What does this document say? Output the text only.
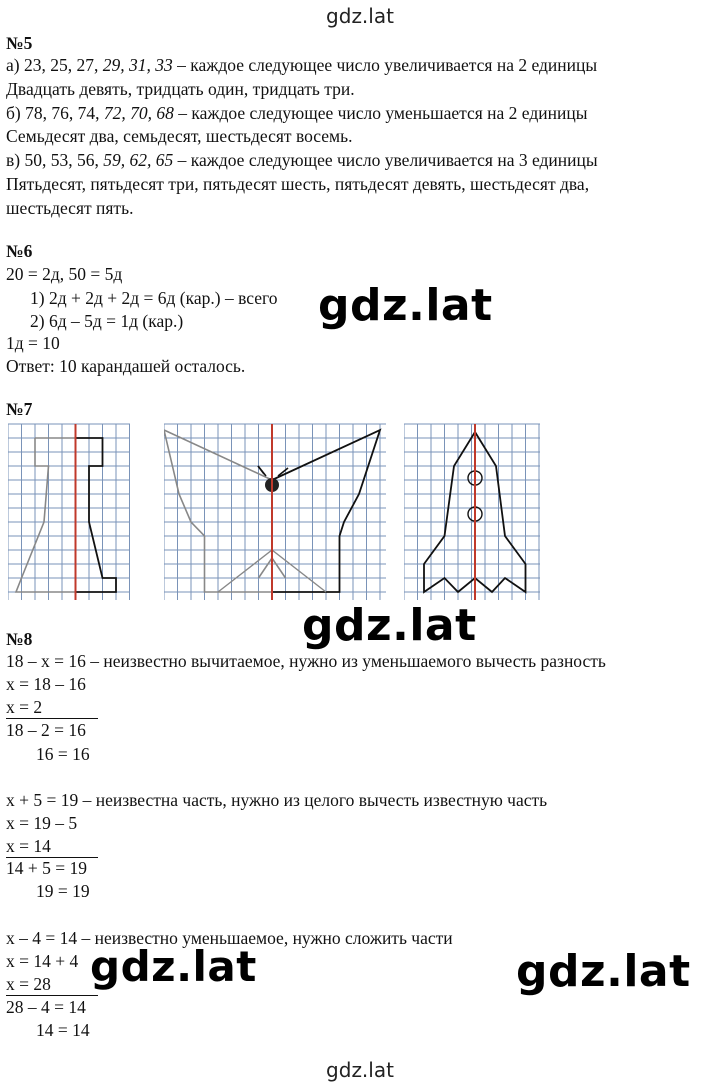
gdz.lat
№5
а) 23, 25, 27, 29, 31, 33 – каждое следующее число увеличивается на 2 единицы
Двадцать девять, тридцать один, тридцать три.
б) 78, 76, 74, 72, 70, 68 – каждое следующее число уменьшается на 2 единицы
Семьдесят два, семьдесят, шестьдесят восемь.
в) 50, 53, 56, 59, 62, 65 – каждое следующее число увеличивается на 3 единицы
Пятьдесят, пятьдесят три, пятьдесят шесть, пятьдесят девять, шестьдесят два,
шестьдесят пять.
№6
20 = 2д, 50 = 5д
1) 2д + 2д + 2д = 6д (кар.) – всего
2) 6д – 5д = 1д (кар.)
1д = 10
Ответ: 10 карандашей осталось.
gdz.lat
№7
gdz.lat
№8
18 – x = 16 – неизвестно вычитаемое, нужно из уменьшаемого вычесть разность
x = 18 – 16
x = 2
18 – 2 = 16
16 = 16
x + 5 = 19 – неизвестна часть, нужно из целого вычесть известную часть
x = 19 – 5
x = 14
14 + 5 = 19
19 = 19
x – 4 = 14 – неизвестно уменьшаемое, нужно сложить части
x = 14 + 4
x = 28
28 – 4 = 14
14 = 14
gdz.lat	gdz.lat
gdz.lat
